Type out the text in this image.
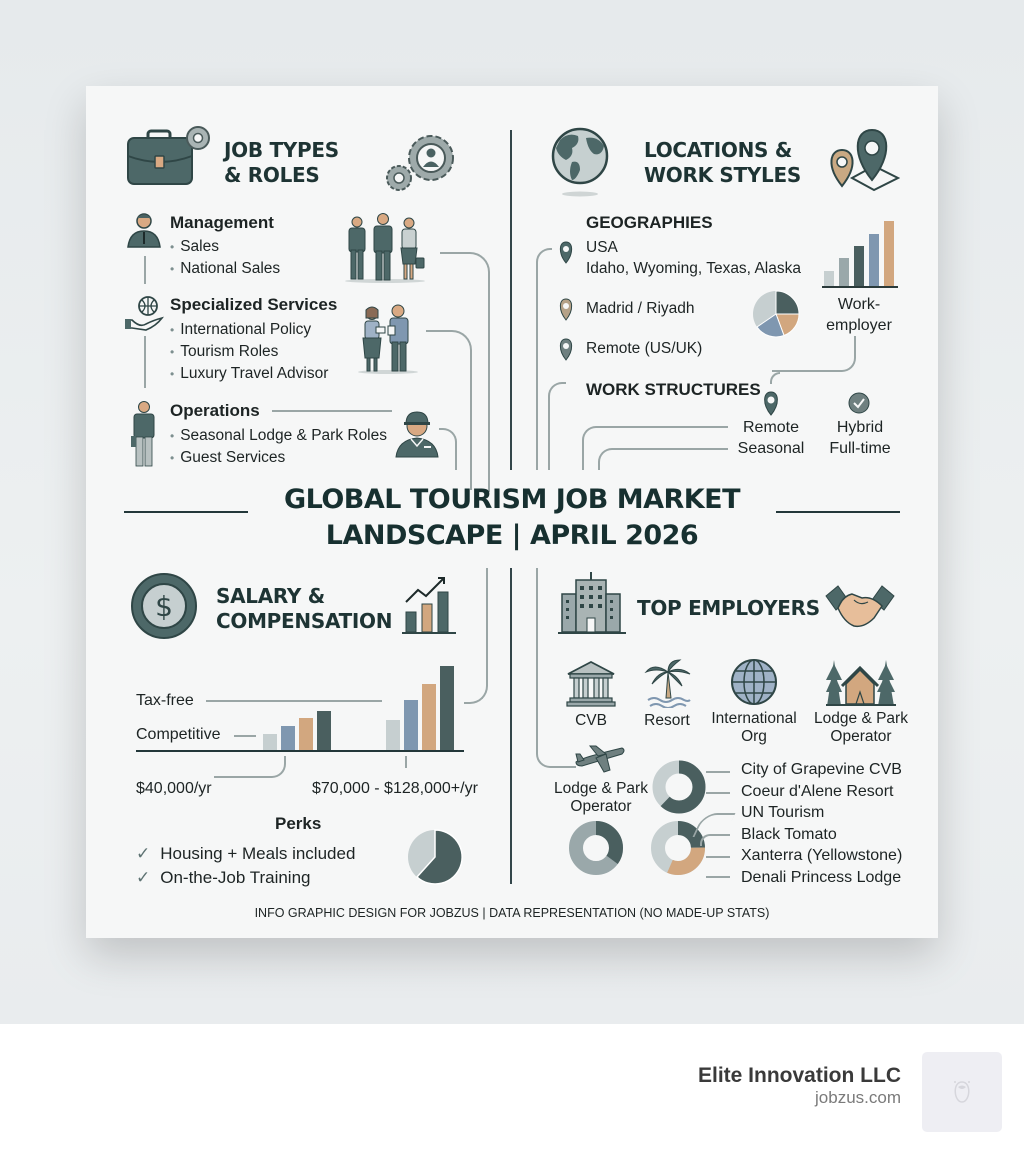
JOB TYPES
& ROLES
Management
• Sales
• National Sales
Specialized Services
• International Policy
• Tourism Roles
• Luxury Travel Advisor
Operations
• Seasonal Lodge & Park Roles
• Guest Services
LOCATIONS &
WORK STYLES
GEOGRAPHIES
USA
Idaho, Wyoming, Texas, Alaska
Madrid / Riyadh
Remote (US/UK)
Work-
employer
WORK STRUCTURES
Remote
Seasonal
Hybrid
Full-time
GLOBAL TOURISM JOB MARKET
LANDSCAPE | APRIL 2026
$ SALARY &
COMPENSATION
Tax-free
Competitive
$40,000/yr	$70,000 - $128,000+/yr
Perks
✓ Housing + Meals included
✓ On-the-Job Training
TOP EMPLOYERS
CVB	Resort	International
Org
Lodge & Park
Operator
Lodge & Park
Operator
City of Grapevine CVB
Coeur d'Alene Resort
UN Tourism
Black Tomato
Xanterra (Yellowstone)
Denali Princess Lodge
INFO GRAPHIC DESIGN FOR JOBZUS | DATA REPRESENTATION (NO MADE-UP STATS)
Elite Innovation LLC
jobzus.com
